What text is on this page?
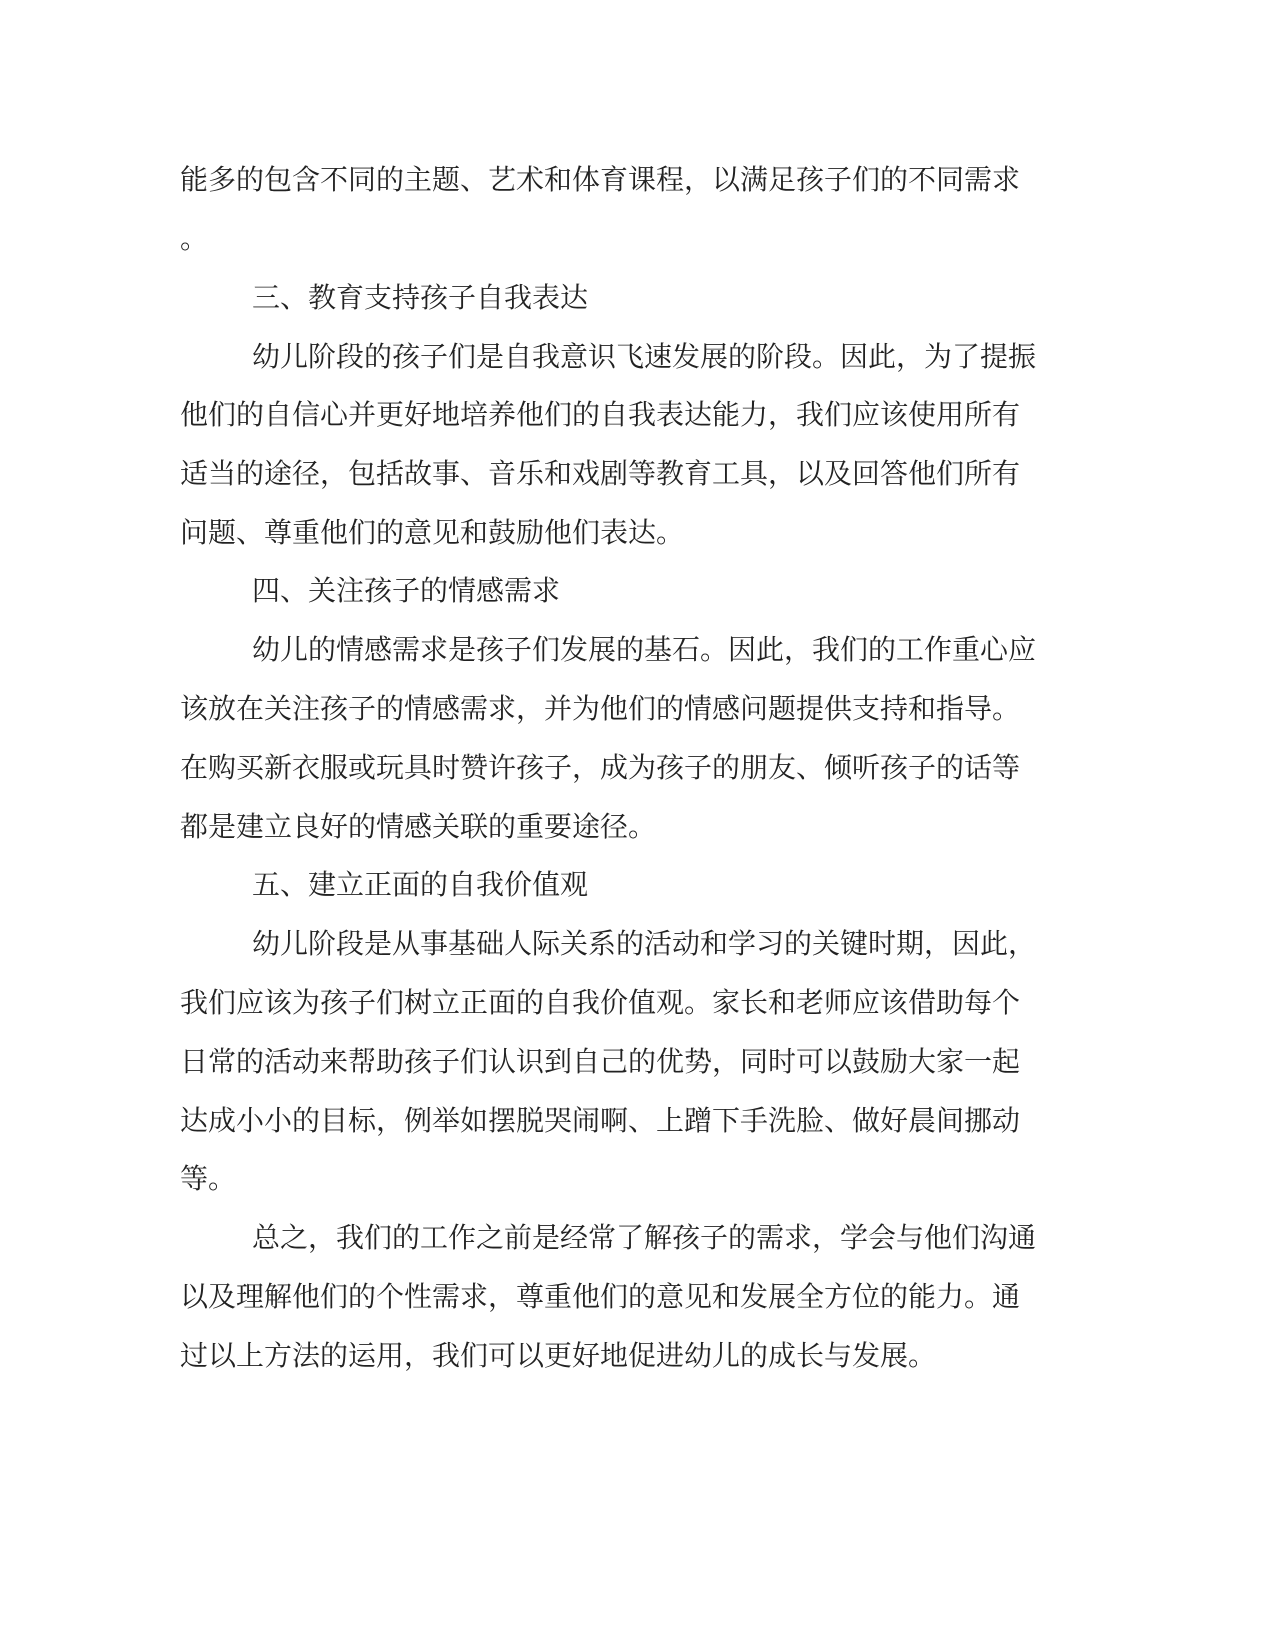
能多的包含不同的主题、艺术和体育课程，以满足孩子们的不同需求
。
三、教育支持孩子自我表达
幼儿阶段的孩子们是自我意识飞速发展的阶段。因此，为了提振
他们的自信心并更好地培养他们的自我表达能力，我们应该使用所有
适当的途径，包括故事、音乐和戏剧等教育工具，以及回答他们所有
问题、尊重他们的意见和鼓励他们表达。
四、关注孩子的情感需求
幼儿的情感需求是孩子们发展的基石。因此，我们的工作重心应
该放在关注孩子的情感需求，并为他们的情感问题提供支持和指导。
在购买新衣服或玩具时赞许孩子，成为孩子的朋友、倾听孩子的话等
都是建立良好的情感关联的重要途径。
五、建立正面的自我价值观
幼儿阶段是从事基础人际关系的活动和学习的关键时期，因此，
我们应该为孩子们树立正面的自我价值观。家长和老师应该借助每个
日常的活动来帮助孩子们认识到自己的优势，同时可以鼓励大家一起
达成小小的目标，例举如摆脱哭闹啊、上蹭下手洗脸、做好晨间挪动
等。
总之，我们的工作之前是经常了解孩子的需求，学会与他们沟通
以及理解他们的个性需求，尊重他们的意见和发展全方位的能力。通
过以上方法的运用，我们可以更好地促进幼儿的成长与发展。
